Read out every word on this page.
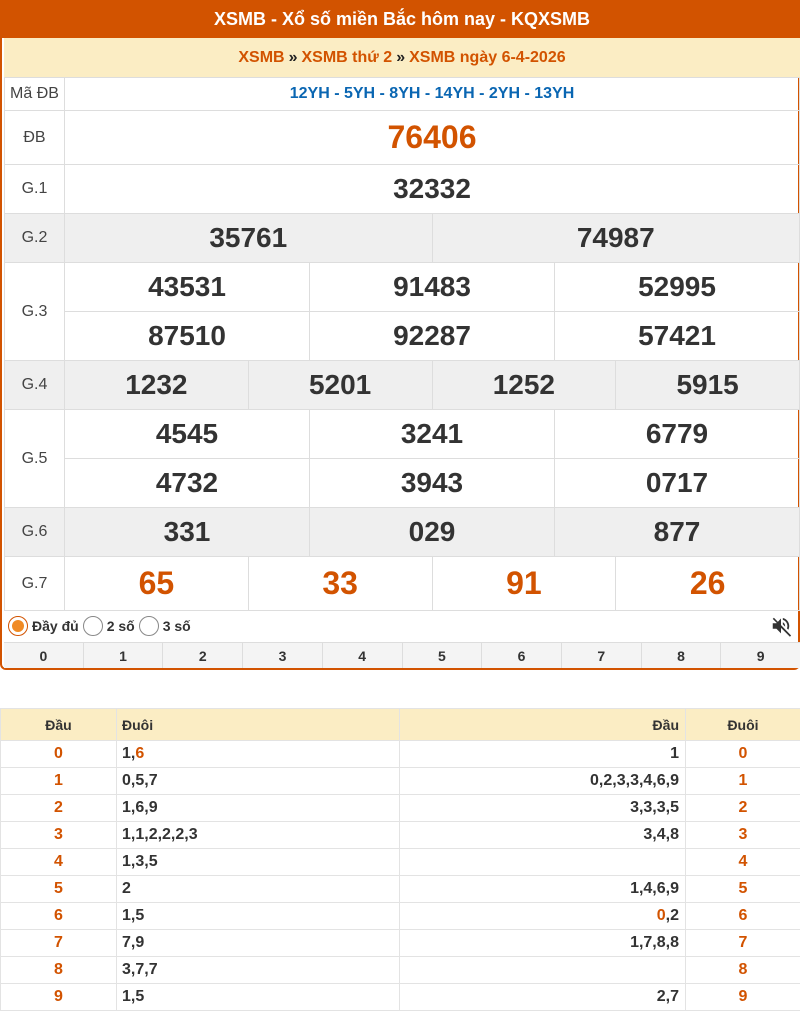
XSMB - Xổ số miền Bắc hôm nay - KQXSMB
XSMB » XSMB thứ 2 » XSMB ngày 6-4-2026
Mã ĐB	12YH - 5YH - 8YH - 14YH - 2YH - 13YH					
ĐB	76406					
G.1	32332					
G.2	35761			74987		
G.3	43531		91483		52995	
	87510		92287		57421	
G.4	1232	5201		1252		5915
G.5	4545		3241		6779	
	4732		3943		0717	
G.6	331		029		877	
G.7	65	33		91		26
Đầy đủ 2 số 3 số
0	1	2	3	4	5	6	7	8	9
Đầu	Đuôi	Đầu	Đuôi
0	1,6	1	0
1	0,5,7	0,2,3,3,4,6,9	1
2	1,6,9	3,3,3,5	2
3	1,1,2,2,2,3	3,4,8	3
4	1,3,5		4
5	2	1,4,6,9	5
6	1,5	0,2	6
7	7,9	1,7,8,8	7
8	3,7,7		8
9	1,5	2,7	9
